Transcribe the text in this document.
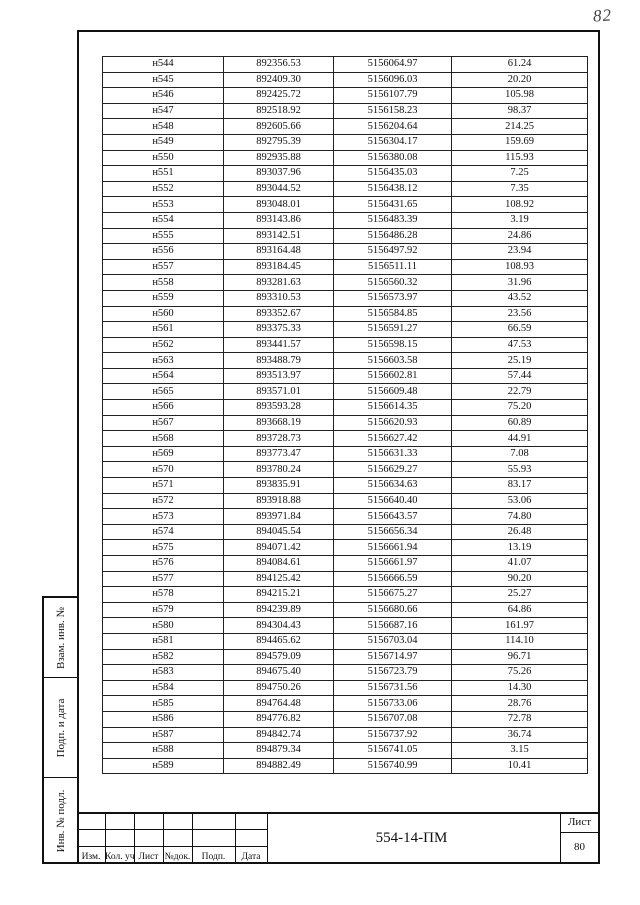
82
н544	892356.53	5156064.97	61.24
н545	892409.30	5156096.03	20.20
н546	892425.72	5156107.79	105.98
н547	892518.92	5156158.23	98.37
н548	892605.66	5156204.64	214.25
н549	892795.39	5156304.17	159.69
н550	892935.88	5156380.08	115.93
н551	893037.96	5156435.03	7.25
н552	893044.52	5156438.12	7.35
н553	893048.01	5156431.65	108.92
н554	893143.86	5156483.39	3.19
н555	893142.51	5156486.28	24.86
н556	893164.48	5156497.92	23.94
н557	893184.45	5156511.11	108.93
н558	893281.63	5156560.32	31.96
н559	893310.53	5156573.97	43.52
н560	893352.67	5156584.85	23.56
н561	893375.33	5156591.27	66.59
н562	893441.57	5156598.15	47.53
н563	893488.79	5156603.58	25.19
н564	893513.97	5156602.81	57.44
н565	893571.01	5156609.48	22.79
н566	893593.28	5156614.35	75.20
н567	893668.19	5156620.93	60.89
н568	893728.73	5156627.42	44.91
н569	893773.47	5156631.33	7.08
н570	893780.24	5156629.27	55.93
н571	893835.91	5156634.63	83.17
н572	893918.88	5156640.40	53.06
н573	893971.84	5156643.57	74.80
н574	894045.54	5156656.34	26.48
н575	894071.42	5156661.94	13.19
н576	894084.61	5156661.97	41.07
н577	894125.42	5156666.59	90.20
н578	894215.21	5156675.27	25.27
н579	894239.89	5156680.66	64.86
н580	894304.43	5156687.16	161.97
н581	894465.62	5156703.04	114.10
н582	894579.09	5156714.97	96.71
н583	894675.40	5156723.79	75.26
н584	894750.26	5156731.56	14.30
н585	894764.48	5156733.06	28.76
н586	894776.82	5156707.08	72.78
н587	894842.74	5156737.92	36.74
н588	894879.34	5156741.05	3.15
н589	894882.49	5156740.99	10.41
Взам. инв. №
Подп. и дата
Инв. № подл.
Изм. Кол. уч Лист №док.	Подп.	Дата
554-14-ПМ
Лист
80
